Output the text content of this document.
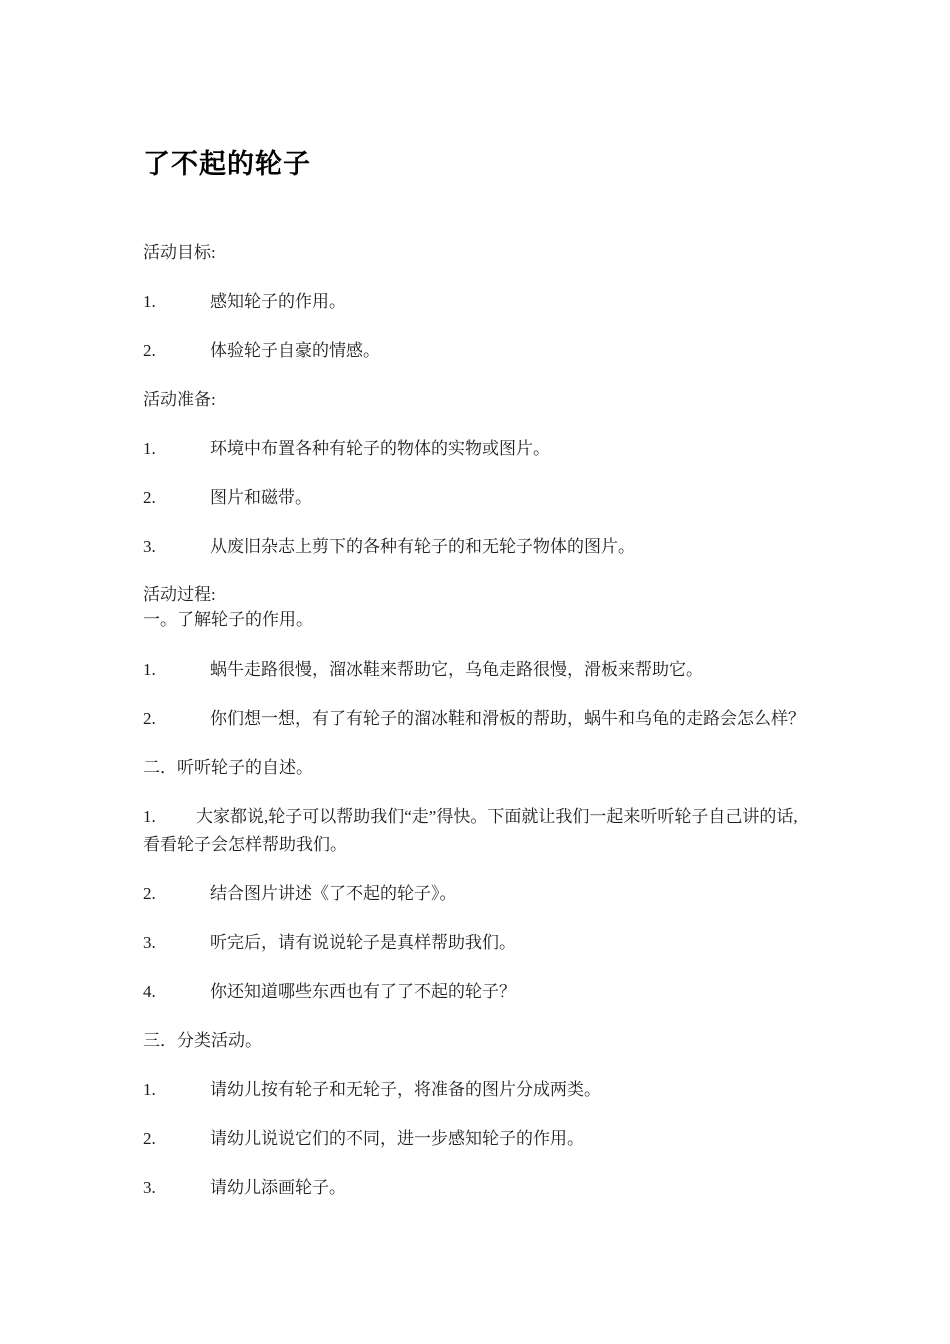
了不起的轮子

活动目标:

1.	感知轮子的作用。

2.	体验轮子自豪的情感。

活动准备:

1.	环境中布置各种有轮子的物体的实物或图片。

2.	图片和磁带。

3.	从废旧杂志上剪下的各种有轮子的和无轮子物体的图片。

活动过程:
一。了解轮子的作用。

1.	蜗牛走路很慢，溜冰鞋来帮助它，乌龟走路很慢，滑板来帮助它。

2.	你们想一想，有了有轮子的溜冰鞋和滑板的帮助，蜗牛和乌龟的走路会怎么样？

二．听听轮子的自述。

1. 大家都说,轮子可以帮助我们“走”得快。下面就让我们一起来听听轮子自己讲的话,
看看轮子会怎样帮助我们。

2.	结合图片讲述《了不起的轮子》。

3.	听完后，请有说说轮子是真样帮助我们。

4.	你还知道哪些东西也有了了不起的轮子？

三．分类活动。

1.	请幼儿按有轮子和无轮子，将准备的图片分成两类。

2.	请幼儿说说它们的不同，进一步感知轮子的作用。

3.	请幼儿添画轮子。
